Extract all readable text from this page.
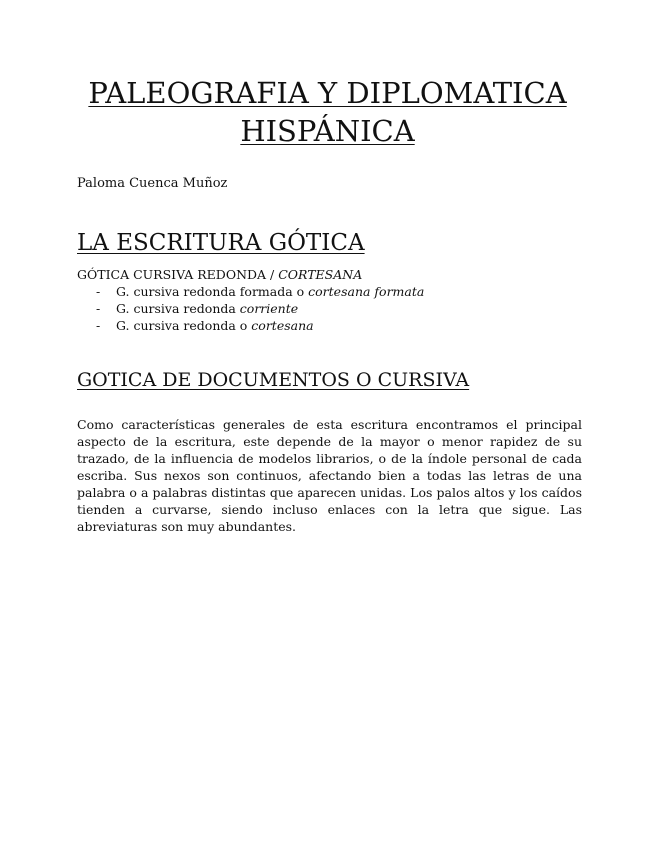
PALEOGRAFIA Y DIPLOMATICA
HISPÁNICA
Paloma Cuenca Muñoz
LA ESCRITURA GÓTICA
GÓTICA CURSIVA REDONDA / CORTESANA
- G. cursiva redonda formada o cortesana formata
- G. cursiva redonda corriente
- G. cursiva redonda o cortesana
GOTICA DE DOCUMENTOS O CURSIVA

Como características generales de esta escritura encontramos el principal aspecto de la escritura, este depende de la mayor o menor rapidez de su trazado, de la influencia de modelos librarios, o de la índole personal de cada escriba. Sus nexos son continuos, afectando bien a todas las letras de una palabra o a palabras distintas que aparecen unidas. Los palos altos y los caídos tienden a curvarse, siendo incluso enlaces con la letra que sigue. Las abreviaturas son muy abundantes.
